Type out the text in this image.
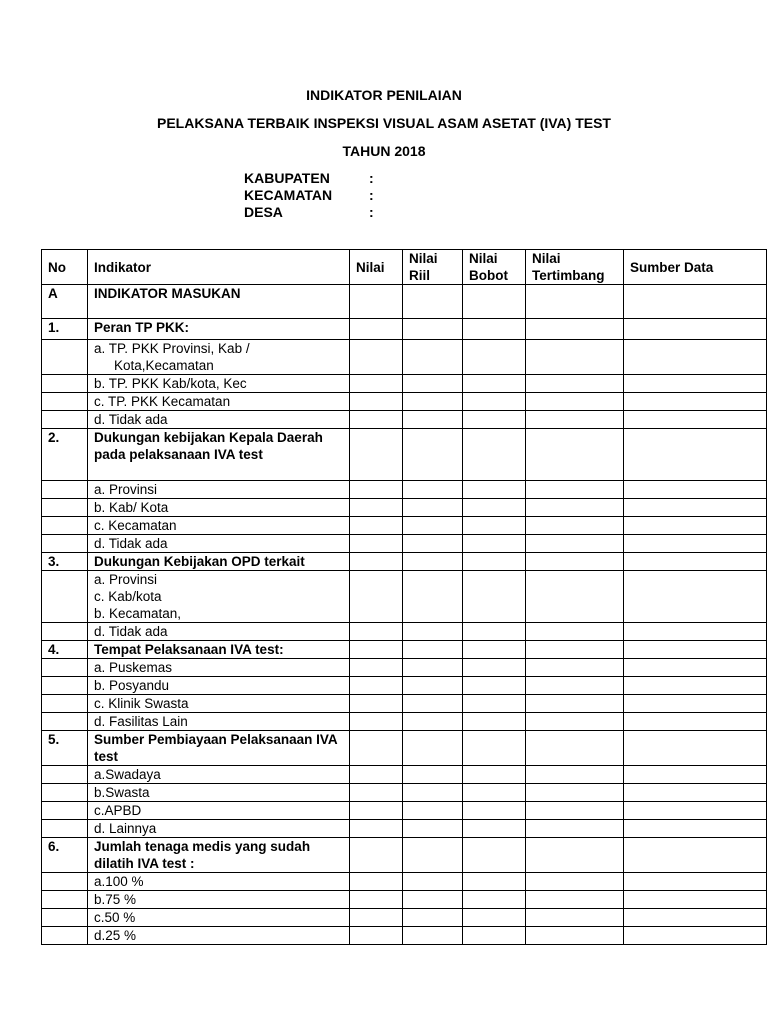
INDIKATOR PENILAIAN
PELAKSANA TERBAIK INSPEKSI VISUAL ASAM ASETAT (IVA) TEST
TAHUN 2018
KABUPATEN	:
KECAMATAN	:
DESA	:
No	Indikator	Nilai	Nilai Riil	Nilai Bobot	Nilai Tertimbang	Sumber Data
A	INDIKATOR MASUKAN					
1.	Peran TP PKK:					

	a. TP. PKK Provinsi, Kab /
Kota,Kecamatan					

	b. TP. PKK Kab/kota, Kec					

	c. TP. PKK Kecamatan					

	d. Tidak ada					

2.	Dukungan kebijakan Kepala Daerah pada pelaksanaan IVA test					

	a. Provinsi					

	b. Kab/ Kota					

	c. Kecamatan					

	d. Tidak ada					

3.	Dukungan Kebijakan OPD terkait					

	a. Provinsi
c. Kab/kota
b. Kecamatan,					

	d. Tidak ada					

4.	Tempat Pelaksanaan IVA test:					

	a. Puskemas					

	b. Posyandu					

	c. Klinik Swasta					

	d. Fasilitas Lain					

5.	Sumber Pembiayaan Pelaksanaan IVA test					

	a.Swadaya					

	b.Swasta					

	c.APBD					

	d. Lainnya					

6.	Jumlah tenaga medis yang sudah dilatih IVA test :					

	a.100 %					

	b.75 %					

	c.50 %					

	d.25 %					
